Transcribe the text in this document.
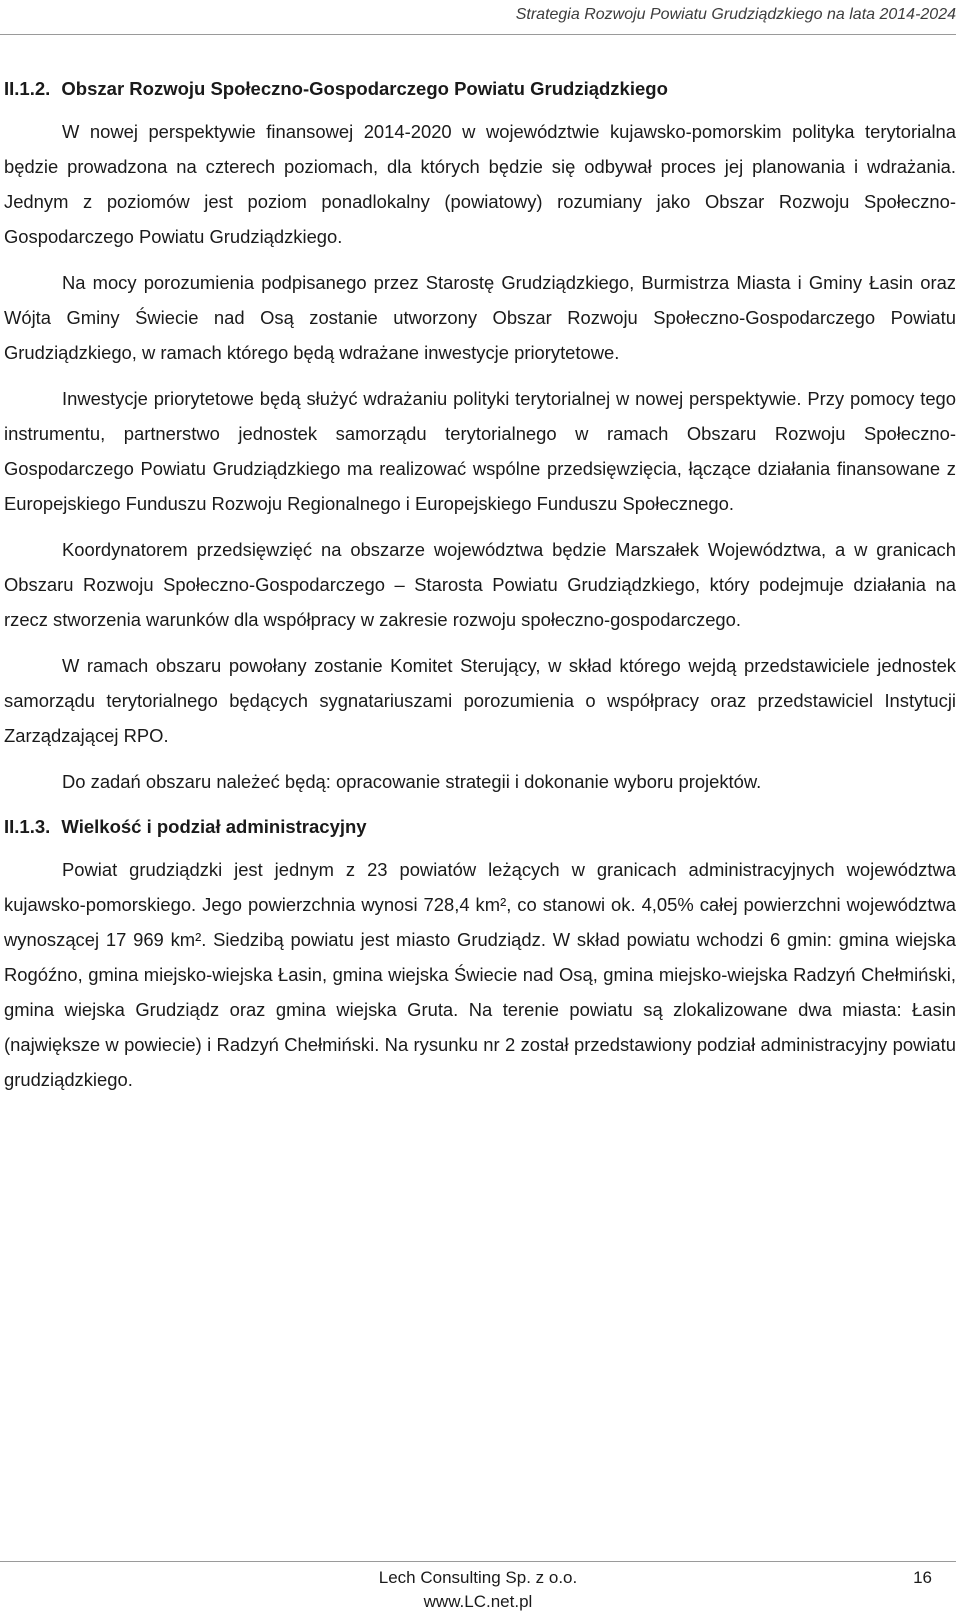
Strategia Rozwoju Powiatu Grudziądzkiego na lata 2014-2024
II.1.2. Obszar Rozwoju Społeczno-Gospodarczego Powiatu Grudziądzkiego

W nowej perspektywie finansowej 2014-2020 w województwie kujawsko-pomorskim polityka terytorialna będzie prowadzona na czterech poziomach, dla których będzie się odbywał proces jej planowania i wdrażania. Jednym z poziomów jest poziom ponadlokalny (powiatowy) rozumiany jako Obszar Rozwoju Społeczno-Gospodarczego Powiatu Grudziądzkiego.

Na mocy porozumienia podpisanego przez Starostę Grudziądzkiego, Burmistrza Miasta i Gminy Łasin oraz Wójta Gminy Świecie nad Osą zostanie utworzony Obszar Rozwoju Społeczno-Gospodarczego Powiatu Grudziądzkiego, w ramach którego będą wdrażane inwestycje priorytetowe.

Inwestycje priorytetowe będą służyć wdrażaniu polityki terytorialnej w nowej perspektywie. Przy pomocy tego instrumentu, partnerstwo jednostek samorządu terytorialnego w ramach Obszaru Rozwoju Społeczno-Gospodarczego Powiatu Grudziądzkiego ma realizować wspólne przedsięwzięcia, łączące działania finansowane z Europejskiego Funduszu Rozwoju Regionalnego i Europejskiego Funduszu Społecznego.

Koordynatorem przedsięwzięć na obszarze województwa będzie Marszałek Województwa, a w granicach Obszaru Rozwoju Społeczno-Gospodarczego – Starosta Powiatu Grudziądzkiego, który podejmuje działania na rzecz stworzenia warunków dla współpracy w zakresie rozwoju społeczno-gospodarczego.

W ramach obszaru powołany zostanie Komitet Sterujący, w skład którego wejdą przedstawiciele jednostek samorządu terytorialnego będących sygnatariuszami porozumienia o współpracy oraz przedstawiciel Instytucji Zarządzającej RPO.

Do zadań obszaru należeć będą: opracowanie strategii i dokonanie wyboru projektów.

II.1.3. Wielkość i podział administracyjny

Powiat grudziądzki jest jednym z 23 powiatów leżących w granicach administracyjnych województwa kujawsko-pomorskiego. Jego powierzchnia wynosi 728,4 km², co stanowi ok. 4,05% całej powierzchni województwa wynoszącej 17 969 km². Siedzibą powiatu jest miasto Grudziądz. W skład powiatu wchodzi 6 gmin: gmina wiejska Rogóźno, gmina miejsko-wiejska Łasin, gmina wiejska Świecie nad Osą, gmina miejsko-wiejska Radzyń Chełmiński, gmina wiejska Grudziądz oraz gmina wiejska Gruta. Na terenie powiatu są zlokalizowane dwa miasta: Łasin (największe w powiecie) i Radzyń Chełmiński. Na rysunku nr 2 został przedstawiony podział administracyjny powiatu grudziądzkiego.

Lech Consulting Sp. z o.o.
www.LC.net.pl
16
